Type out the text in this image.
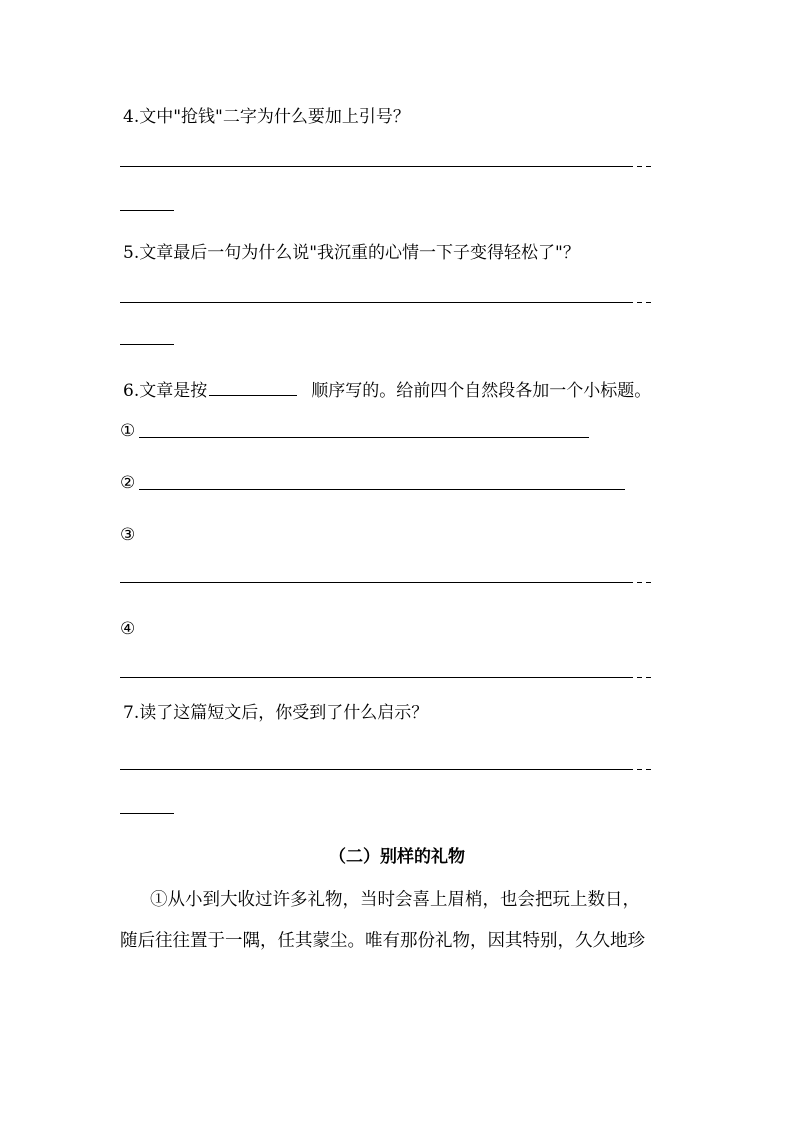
4.文中"抢钱"二字为什么要加上引号？
5.文章最后一句为什么说"我沉重的心情一下子变得轻松了"？
6.文章是按	顺序写的。给前四个自然段各加一个小标题。
①
②
③
④
7.读了这篇短文后，你受到了什么启示？
（二）别样的礼物
①从小到大收过许多礼物，当时会喜上眉梢，也会把玩上数日，
随后往往置于一隅，任其蒙尘。唯有那份礼物，因其特别，久久地珍
